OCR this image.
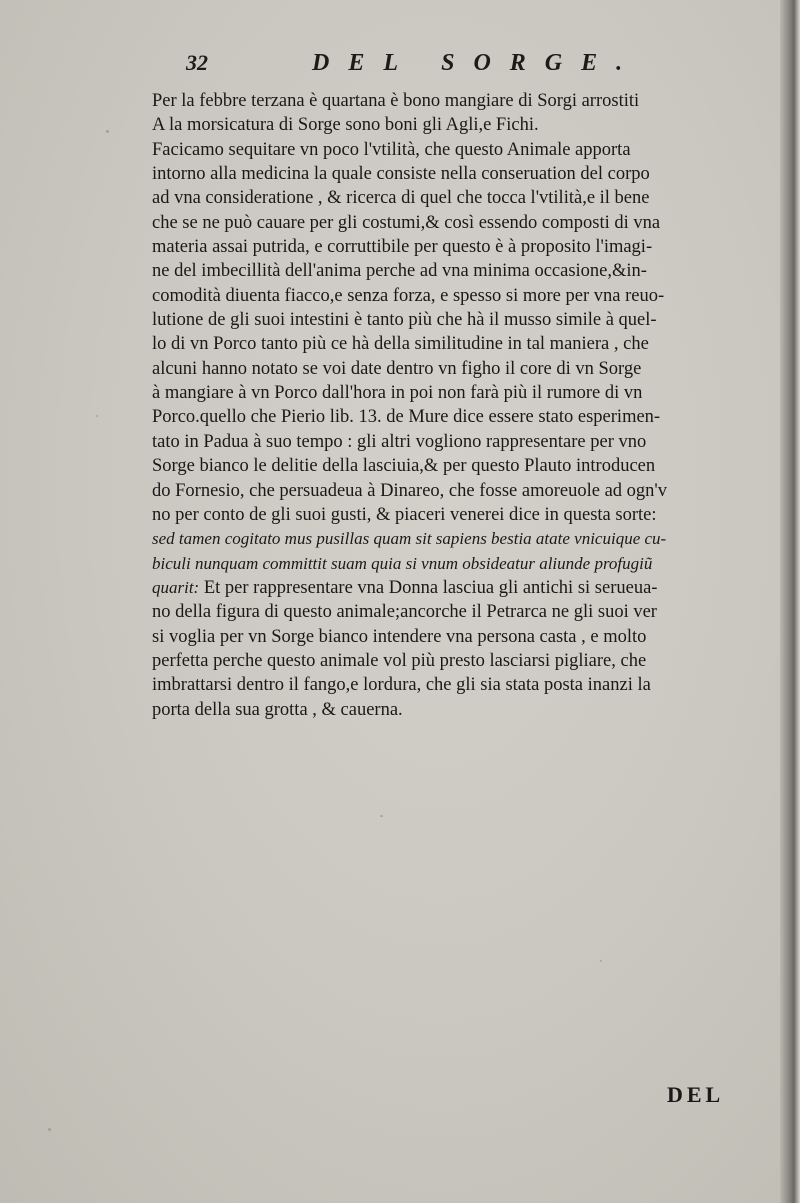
32	DEL SORGE.
Per la febbre terzana è quartana è bono mangiare di Sorgi arrostiti
A la morsicatura di Sorge sono boni gli Agli,e Fichi.
Facicamo sequitare vn poco l'vtilità, che questo Animale apporta
intorno alla medicina la quale consiste nella conseruation del corpo
ad vna consideratione , & ricerca di quel che tocca l'vtilità,e il bene
che se ne può cauare per gli costumi,& così essendo composti di vna
materia assai putrida, e corruttibile per questo è à proposito l'imagi-
ne del imbecillità dell'anima perche ad vna minima occasione,&in-
comodità diuenta fiacco,e senza forza, e spesso si more per vna reuo-
lutione de gli suoi intestini è tanto più che hà il musso simile à quel-
lo di vn Porco tanto più ce hà della similitudine in tal maniera , che
alcuni hanno notato se voi date dentro vn figho il core di vn Sorge
à mangiare à vn Porco dall'hora in poi non farà più il rumore di vn
Porco.quello che Pierio lib. 13. de Mure dice essere stato esperimen-
tato in Padua à suo tempo : gli altri vogliono rappresentare per vno
Sorge bianco le delitie della lasciuia,& per questo Plauto introducen
do Fornesio, che persuadeua à Dinareo, che fosse amoreuole ad ogn'v
no per conto de gli suoi gusti, & piaceri venerei dice in questa sorte:
sed tamen cogitato mus pusillas quam sit sapiens bestia atate vnicuique cu-
biculi nunquam committit suam quia si vnum obsideatur aliunde profugiũ
quarit: Et per rappresentare vna Donna lasciua gli antichi si serueua-
no della figura di questo animale;ancorche il Petrarca ne gli suoi ver
si voglia per vn Sorge bianco intendere vna persona casta , e molto
perfetta perche questo animale vol più presto lasciarsi pigliare, che
imbrattarsi dentro il fango,e lordura, che gli sia stata posta inanzi la
porta della sua grotta , & cauerna.
DEL
